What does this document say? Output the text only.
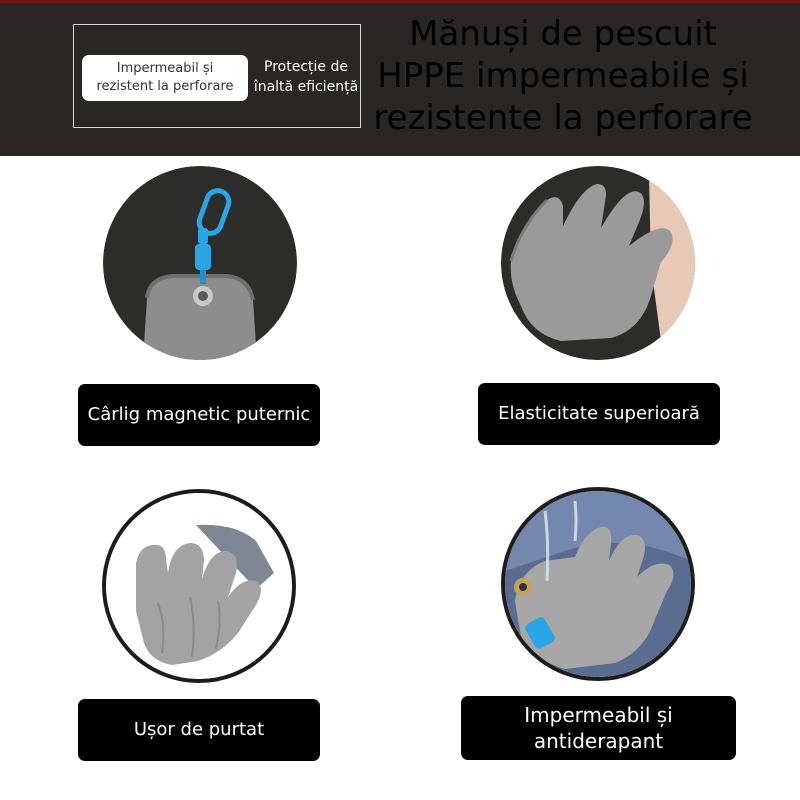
Impermeabil și
rezistent la perforare
Protecție de
înaltă eficiență
Mănuși de pescuit
HPPE impermeabile și
rezistente la perforare
Cârlig magnetic puternic	Elasticitate superioară
Ușor de purtat
Impermeabil și
antiderapant
